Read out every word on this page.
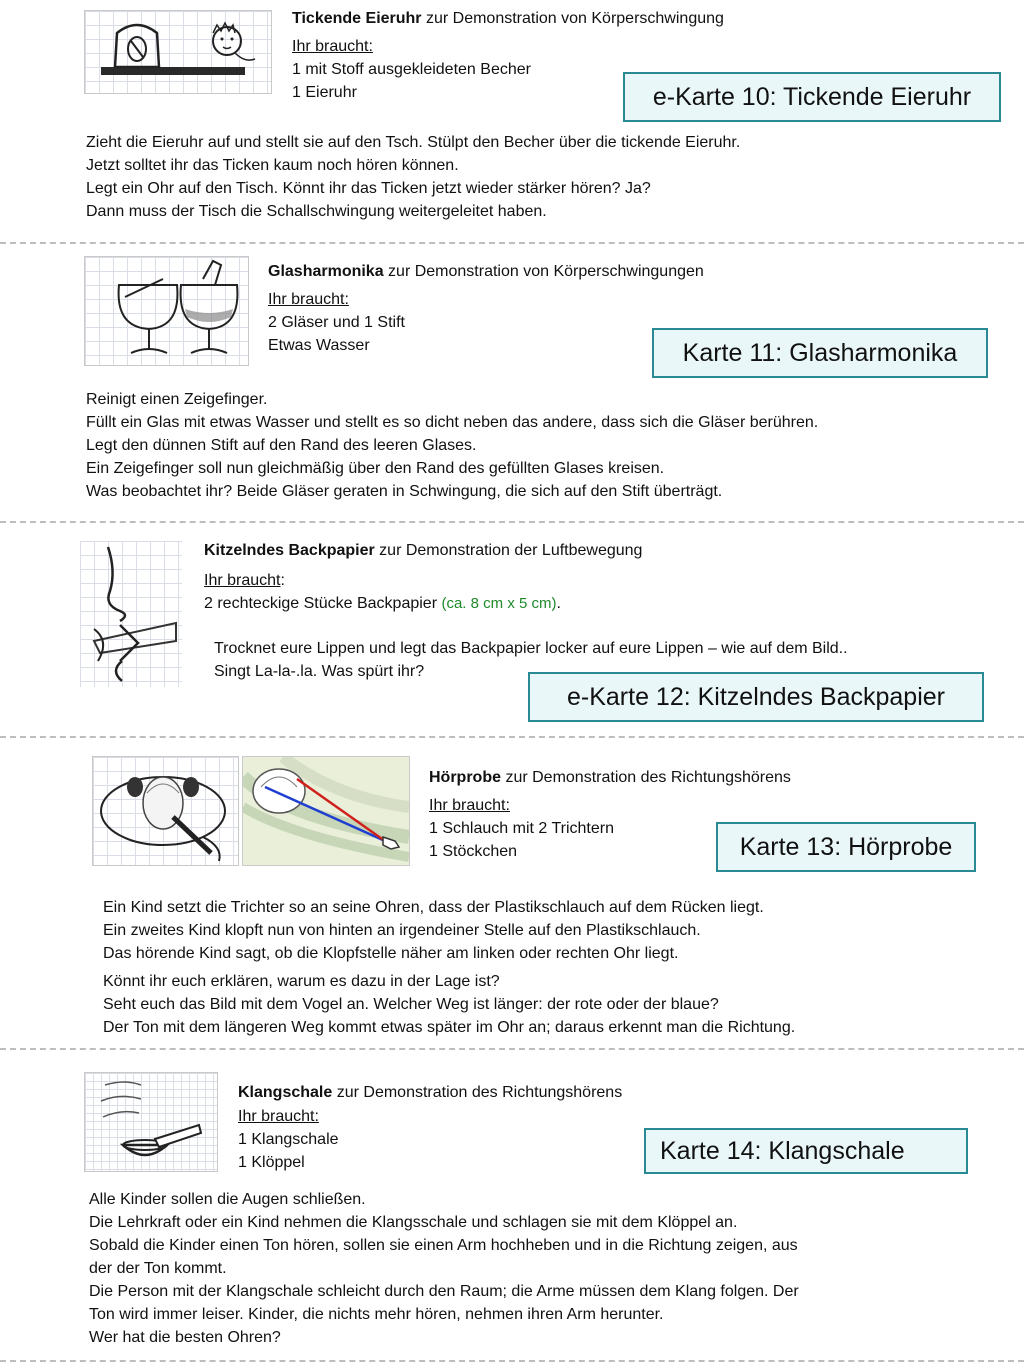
Tickende Eieruhr zur Demonstration von Körperschwingung
Ihr braucht:
1 mit Stoff ausgekleideten Becher
1 Eieruhr	e-Karte 10: Tickende Eieruhr
Zieht die Eieruhr auf und stellt sie auf den Tsch. Stülpt den Becher über die tickende Eieruhr.
Jetzt solltet ihr das Ticken kaum noch hören können.
Legt ein Ohr auf den Tisch. Könnt ihr das Ticken jetzt wieder stärker hören? Ja?
Dann muss der Tisch die Schallschwingung weitergeleitet haben.
Glasharmonika zur Demonstration von Körperschwingungen
Ihr braucht:
2 Gläser und 1 Stift
Etwas Wasser	Karte 11: Glasharmonika
Reinigt einen Zeigefinger.
Füllt ein Glas mit etwas Wasser und stellt es so dicht neben das andere, dass sich die Gläser berühren.
Legt den dünnen Stift auf den Rand des leeren Glases.
Ein Zeigefinger soll nun gleichmäßig über den Rand des gefüllten Glases kreisen.
Was beobachtet ihr? Beide Gläser geraten in Schwingung, die sich auf den Stift überträgt.
Kitzelndes Backpapier zur Demonstration der Luftbewegung
Ihr braucht:
2 rechteckige Stücke Backpapier (ca. 8 cm x 5 cm).
Trocknet eure Lippen und legt das Backpapier locker auf eure Lippen – wie auf dem Bild..
Singt La-la-.la. Was spürt ihr?
e-Karte 12: Kitzelndes Backpapier
Hörprobe zur Demonstration des Richtungshörens
Ihr braucht:
1 Schlauch mit 2 Trichtern
1 Stöckchen	Karte 13: Hörprobe
Ein Kind setzt die Trichter so an seine Ohren, dass der Plastikschlauch auf dem Rücken liegt.
Ein zweites Kind klopft nun von hinten an irgendeiner Stelle auf den Plastikschlauch.
Das hörende Kind sagt, ob die Klopfstelle näher am linken oder rechten Ohr liegt.
Könnt ihr euch erklären, warum es dazu in der Lage ist?
Seht euch das Bild mit dem Vogel an. Welcher Weg ist länger: der rote oder der blaue?
Der Ton mit dem längeren Weg kommt etwas später im Ohr an; daraus erkennt man die Richtung.
Klangschale zur Demonstration des Richtungshörens
Ihr braucht:
1 Klangschale
1 Klöppel	Karte 14: Klangschale
Alle Kinder sollen die Augen schließen.
Die Lehrkraft oder ein Kind nehmen die Klangsschale und schlagen sie mit dem Klöppel an.
Sobald die Kinder einen Ton hören, sollen sie einen Arm hochheben und in die Richtung zeigen, aus
der der Ton kommt.
Die Person mit der Klangschale schleicht durch den Raum; die Arme müssen dem Klang folgen. Der
Ton wird immer leiser. Kinder, die nichts mehr hören, nehmen ihren Arm herunter.
Wer hat die besten Ohren?
